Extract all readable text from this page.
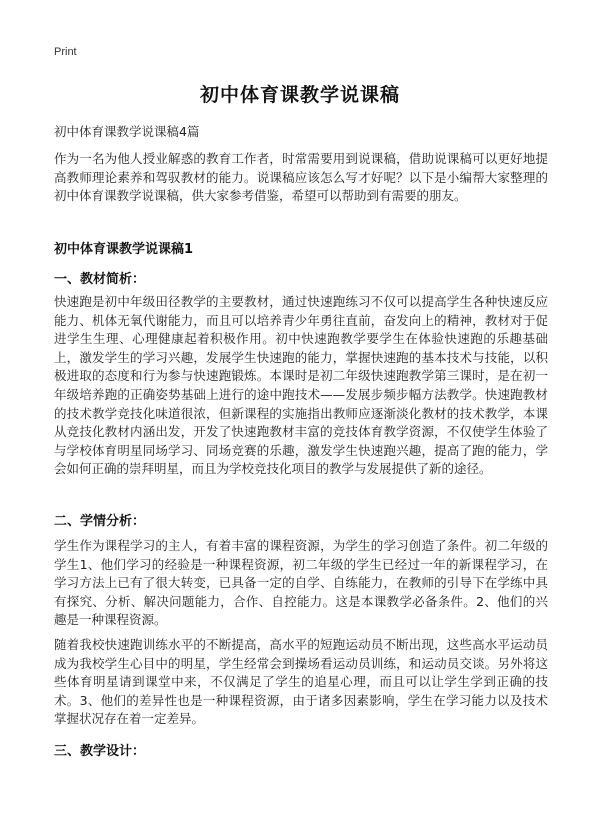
Print
初中体育课教学说课稿
初中体育课教学说课稿4篇
作为一名为他人授业解惑的教育工作者，时常需要用到说课稿，借助说课稿可以更好地提高教师理论素养和驾驭教材的能力。说课稿应该怎么写才好呢？以下是小编帮大家整理的初中体育课教学说课稿，供大家参考借鉴，希望可以帮助到有需要的朋友。
初中体育课教学说课稿1
一、教材简析：
快速跑是初中年级田径教学的主要教材，通过快速跑练习不仅可以提高学生各种快速反应能力、机体无氧代谢能力，而且可以培养青少年勇往直前，奋发向上的精神，教材对于促进学生生理、心理健康起着积极作用。初中快速跑教学要学生在体验快速跑的乐趣基础上，激发学生的学习兴趣，发展学生快速跑的能力，掌握快速跑的基本技术与技能，以积极进取的态度和行为参与快速跑锻炼。本课时是初二年级快速跑教学第三课时，是在初一年级培养跑的正确姿势基础上进行的途中跑技术——发展步频步幅方法教学。快速跑教材的技术教学竞技化味道很浓，但新课程的实施指出教师应逐渐淡化教材的技术教学，本课从竞技化教材内涵出发，开发了快速跑教材丰富的竞技体育教学资源，不仅使学生体验了与学校体育明星同场学习、同场竞赛的乐趣，激发学生快速跑兴趣，提高了跑的能力，学会如何正确的崇拜明星，而且为学校竞技化项目的教学与发展提供了新的途径。
二、学情分析：
学生作为课程学习的主人，有着丰富的课程资源，为学生的学习创造了条件。初二年级的学生1、他们学习的经验是一种课程资源，初二年级的学生已经过一年的新课程学习，在学习方法上已有了很大转变，已具备一定的自学、自练能力，在教师的引导下在学练中具有探究、分析、解决问题能力，合作、自控能力。这是本课教学必备条件。2、他们的兴趣是一种课程资源。
随着我校快速跑训练水平的不断提高，高水平的短跑运动员不断出现，这些高水平运动员成为我校学生心目中的明星，学生经常会到操场看运动员训练，和运动员交谈。另外将这些体育明星请到课堂中来，不仅满足了学生的追星心理，而且可以让学生学到正确的技术。3、他们的差异性也是一种课程资源，由于诸多因素影响，学生在学习能力以及技术掌握状况存在着一定差异。
三、教学设计：
